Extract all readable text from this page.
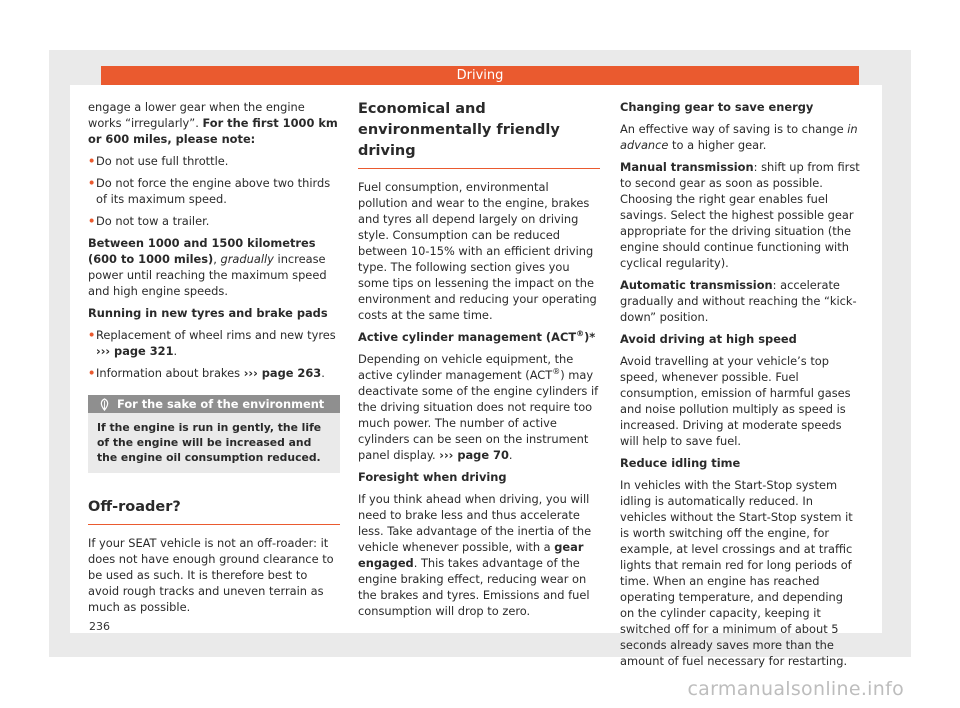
Driving

engage a lower gear when the engine works “irregularly”. For the first 1000 km or 600 miles, please note:

• Do not use full throttle.
• Do not force the engine above two thirds of its maximum speed.
• Do not tow a trailer.

Between 1000 and 1500 kilometres (600 to 1000 miles), gradually increase power until reaching the maximum speed and high engine speeds.

Running in new tyres and brake pads

• Replacement of wheel rims and new tyres ››› page 321.
• Information about brakes ››› page 263.
For the sake of the environment
If the engine is run in gently, the life of the engine will be increased and the engine oil consumption reduced.
Off-roader?

If your SEAT vehicle is not an off-roader: it does not have enough ground clearance to be used as such. It is therefore best to avoid rough tracks and uneven terrain as much as possible.

Economical and environmentally friendly driving

Fuel consumption, environmental pollution and wear to the engine, brakes and tyres all depend largely on driving style. Consumption can be reduced between 10-15% with an efficient driving type. The following section gives you some tips on lessening the impact on the environment and reducing your operating costs at the same time.

Active cylinder management (ACT®)*

Depending on vehicle equipment, the active cylinder management (ACT®) may deactivate some of the engine cylinders if the driving situation does not require too much power. The number of active cylinders can be seen on the instrument panel display. ››› page 70.

Foresight when driving

If you think ahead when driving, you will need to brake less and thus accelerate less. Take advantage of the inertia of the vehicle whenever possible, with a gear engaged. This takes advantage of the engine braking effect, reducing wear on the brakes and tyres. Emissions and fuel consumption will drop to zero.

Changing gear to save energy

An effective way of saving is to change in advance to a higher gear.

Manual transmission: shift up from first to second gear as soon as possible. Choosing the right gear enables fuel savings. Select the highest possible gear appropriate for the driving situation (the engine should continue functioning with cyclical regularity).

Automatic transmission: accelerate gradually and without reaching the “kick-down” position.

Avoid driving at high speed

Avoid travelling at your vehicle’s top speed, whenever possible. Fuel consumption, emission of harmful gases and noise pollution multiply as speed is increased. Driving at moderate speeds will help to save fuel.

Reduce idling time

In vehicles with the Start-Stop system idling is automatically reduced. In vehicles without the Start-Stop system it is worth switching off the engine, for example, at level crossings and at traffic lights that remain red for long periods of time. When an engine has reached operating temperature, and depending on the cylinder capacity, keeping it switched off for a minimum of about 5 seconds already saves more than the amount of fuel necessary for restarting.

236
carmanualsonline.info
